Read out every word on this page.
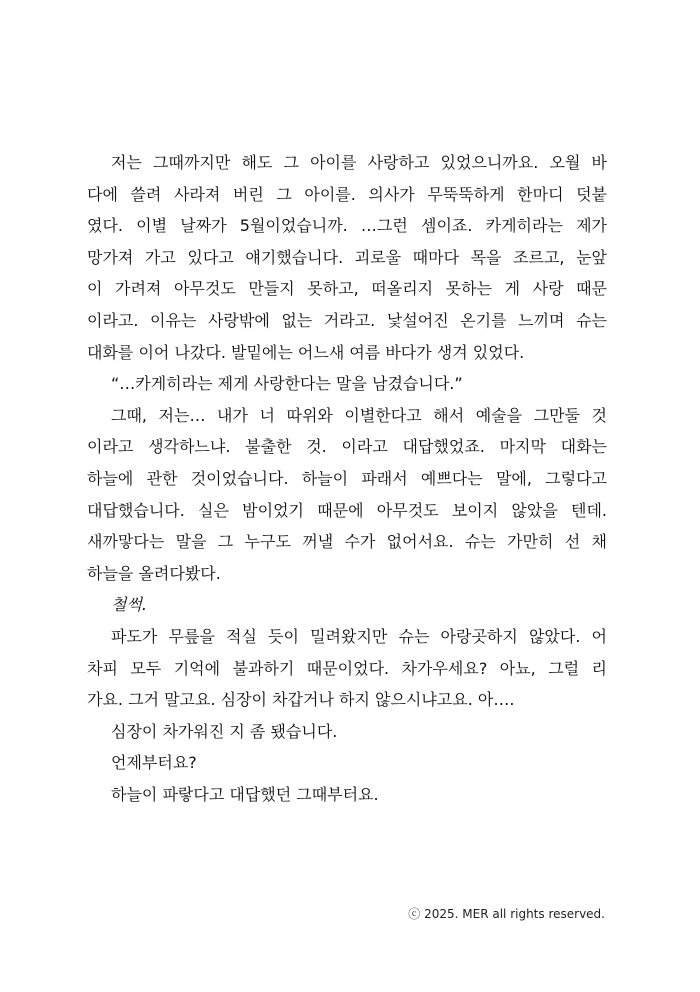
저는 그때까지만 해도 그 아이를 사랑하고 있었으니까요. 오월 바
다에 쓸려 사라져 버린 그 아이를. 의사가 무뚝뚝하게 한마디 덧붙
였다. 이별 날짜가 5월이었습니까. …그런 셈이죠. 카게히라는 제가
망가져 가고 있다고 얘기했습니다. 괴로울 때마다 목을 조르고, 눈앞
이 가려져 아무것도 만들지 못하고, 떠올리지 못하는 게 사랑 때문
이라고. 이유는 사랑밖에 없는 거라고. 낯설어진 온기를 느끼며 슈는
대화를 이어 나갔다. 발밑에는 어느새 여름 바다가 생겨 있었다.
“…카게히라는 제게 사랑한다는 말을 남겼습니다.”
그때, 저는… 내가 너 따위와 이별한다고 해서 예술을 그만둘 것
이라고 생각하느냐. 불출한 것. 이라고 대답했었죠. 마지막 대화는
하늘에 관한 것이었습니다. 하늘이 파래서 예쁘다는 말에, 그렇다고
대답했습니다. 실은 밤이었기 때문에 아무것도 보이지 않았을 텐데.
새까맣다는 말을 그 누구도 꺼낼 수가 없어서요. 슈는 가만히 선 채
하늘을 올려다봤다.
철썩.
파도가 무릎을 적실 듯이 밀려왔지만 슈는 아랑곳하지 않았다. 어
차피 모두 기억에 불과하기 때문이었다. 차가우세요? 아뇨, 그럴 리
가요. 그거 말고요. 심장이 차갑거나 하지 않으시냐고요. 아….
심장이 차가워진 지 좀 됐습니다.
언제부터요?
하늘이 파랗다고 대답했던 그때부터요.
ⓒ 2025. MER all rights reserved.
